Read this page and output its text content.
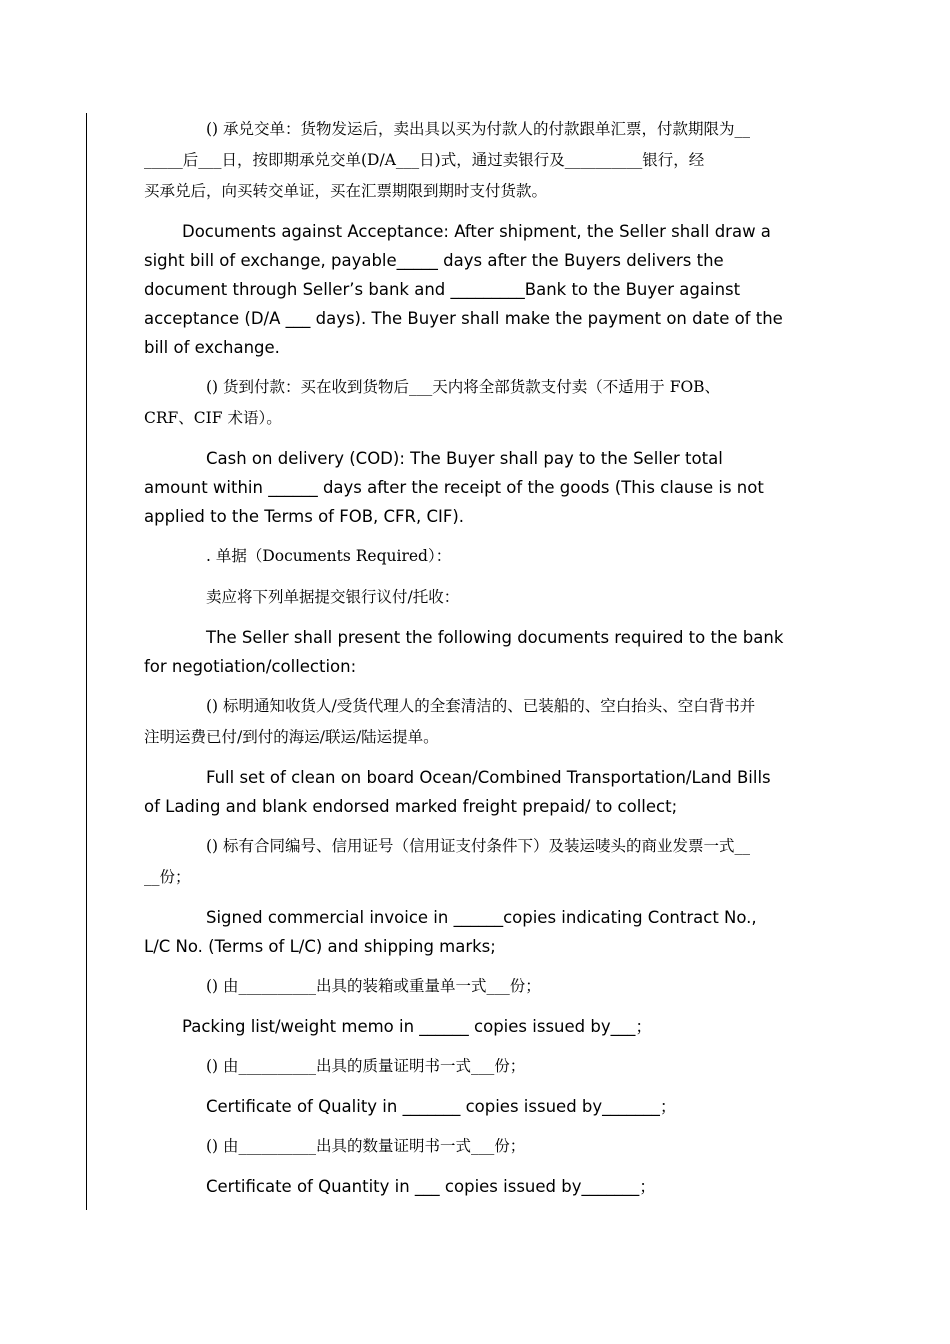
() 承兑交单：货物发运后，卖出具以买为付款人的付款跟单汇票，付款期限为__
_____后___日，按即期承兑交单(D/A___日)式，通过卖银行及__________银行，经
买承兑后，向买转交单证，买在汇票期限到期时支付货款。

Documents against Acceptance: After shipment, the Seller shall draw a
sight bill of exchange, payable_____ days after the Buyers delivers the
document through Seller’s bank and _________Bank to the Buyer against
acceptance (D/A ___ days). The Buyer shall make the payment on date of the
bill of exchange.

() 货到付款：买在收到货物后___天内将全部货款支付卖（不适用于 FOB、
CRF、CIF 术语）。

Cash on delivery (COD): The Buyer shall pay to the Seller total
amount within ______ days after the receipt of the goods (This clause is not
applied to the Terms of FOB, CFR, CIF).

. 单据（Documents Required）：

卖应将下列单据提交银行议付/托收：

The Seller shall present the following documents required to the bank
for negotiation/collection:

() 标明通知收货人/受货代理人的全套清洁的、已装船的、空白抬头、空白背书并
注明运费已付/到付的海运/联运/陆运提单。

Full set of clean on board Ocean/Combined Transportation/Land Bills
of Lading and blank endorsed marked freight prepaid/ to collect;

() 标有合同编号、信用证号（信用证支付条件下）及装运唛头的商业发票一式__
__份；

Signed commercial invoice in ______copies indicating Contract No.,
L/C No. (Terms of L/C) and shipping marks;

() 由__________出具的装箱或重量单一式___份；

Packing list/weight memo in ______ copies issued by___；

() 由__________出具的质量证明书一式___份；

Certificate of Quality in _______ copies issued by_______；

() 由__________出具的数量证明书一式___份；

Certificate of Quantity in ___ copies issued by_______；
